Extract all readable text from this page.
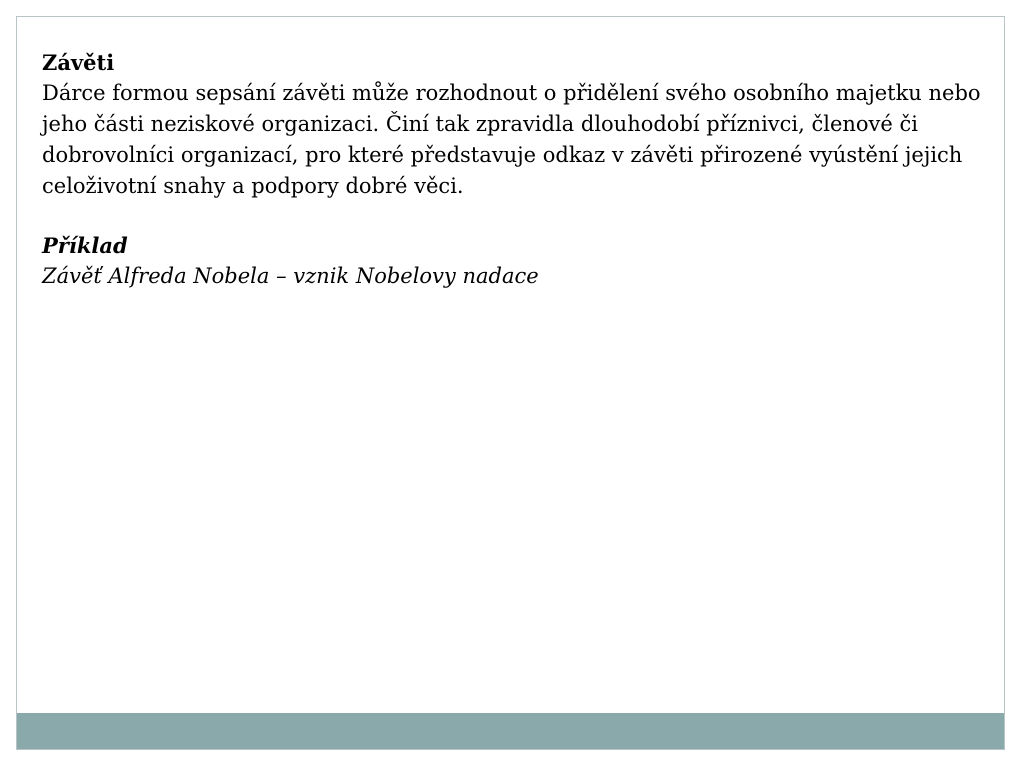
Závěti

Dárce formou sepsání závěti může rozhodnout o přidělení svého osobního majetku nebo jeho části neziskové organizaci. Činí tak zpravidla dlouhodobí příznivci, členové či dobrovolníci organizací, pro které představuje odkaz v závěti přirozené vyústění jejich celoživotní snahy a podpory dobré věci.

Příklad
Závěť Alfreda Nobela – vznik Nobelovy nadace
